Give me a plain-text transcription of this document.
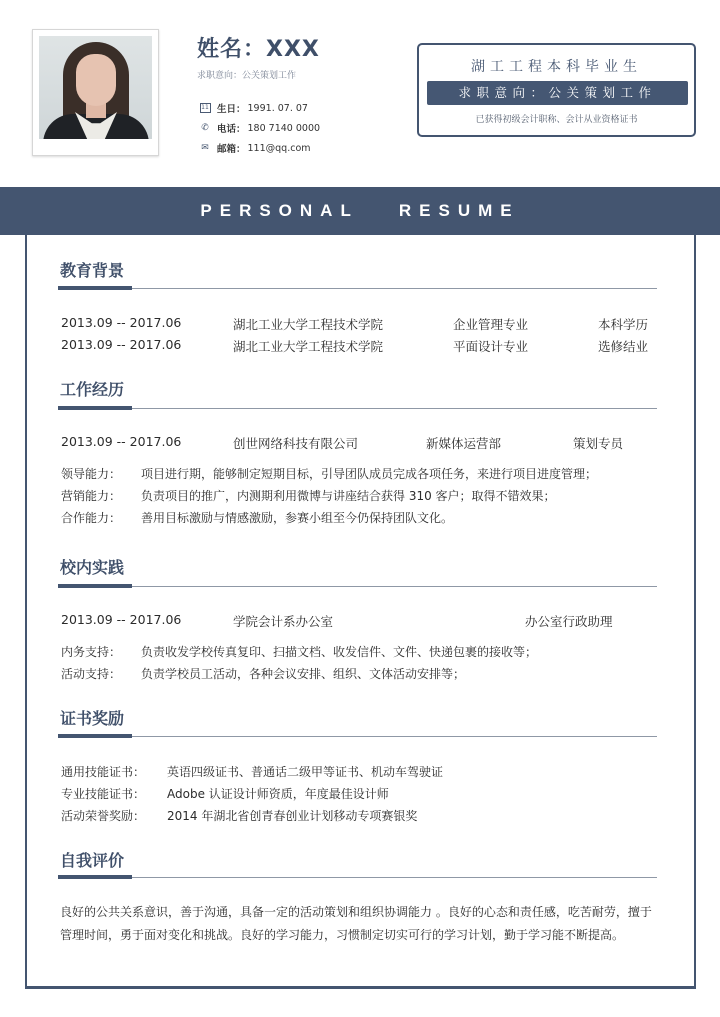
姓名：XXX
求职意向：公关策划工作
11 生日： 1991. 07. 07
✆ 电话： 180 7140 0000
✉ 邮箱： 111@qq.com
湖工工程本科毕业生
求职意向：公关策划工作
已获得初级会计职称、会计从业资格证书
PERSONAL RESUME
教育背景
2013.09 -- 2017.06	湖北工业大学工程技术学院	企业管理专业	本科学历
2013.09 -- 2017.06	湖北工业大学工程技术学院	平面设计专业	选修结业
工作经历
2013.09 -- 2017.06	创世网络科技有限公司	新媒体运营部	策划专员
领导能力： 项目进行期，能够制定短期目标，引导团队成员完成各项任务，来进行项目进度管理；
营销能力： 负责项目的推广，内测期利用微博与讲座结合获得 310 客户；取得不错效果；
合作能力： 善用目标激励与情感激励，参赛小组至今仍保持团队文化。
校内实践
2013.09 -- 2017.06	学院会计系办公室	办公室行政助理
内务支持： 负责收发学校传真复印、扫描文档、收发信件、文件、快递包裹的接收等；
活动支持： 负责学校员工活动，各种会议安排、组织、文体活动安排等；
证书奖励
通用技能证书： 英语四级证书、普通话二级甲等证书、机动车驾驶证
专业技能证书： Adobe 认证设计师资质，年度最佳设计师
活动荣誉奖励： 2014 年湖北省创青春创业计划移动专项赛银奖
自我评价
良好的公共关系意识，善于沟通，具备一定的活动策划和组织协调能力 。良好的心态和责任感，吃苦耐劳，擅于管理时间，勇于面对变化和挑战。良好的学习能力，习惯制定切实可行的学习计划，勤于学习能不断提高。
